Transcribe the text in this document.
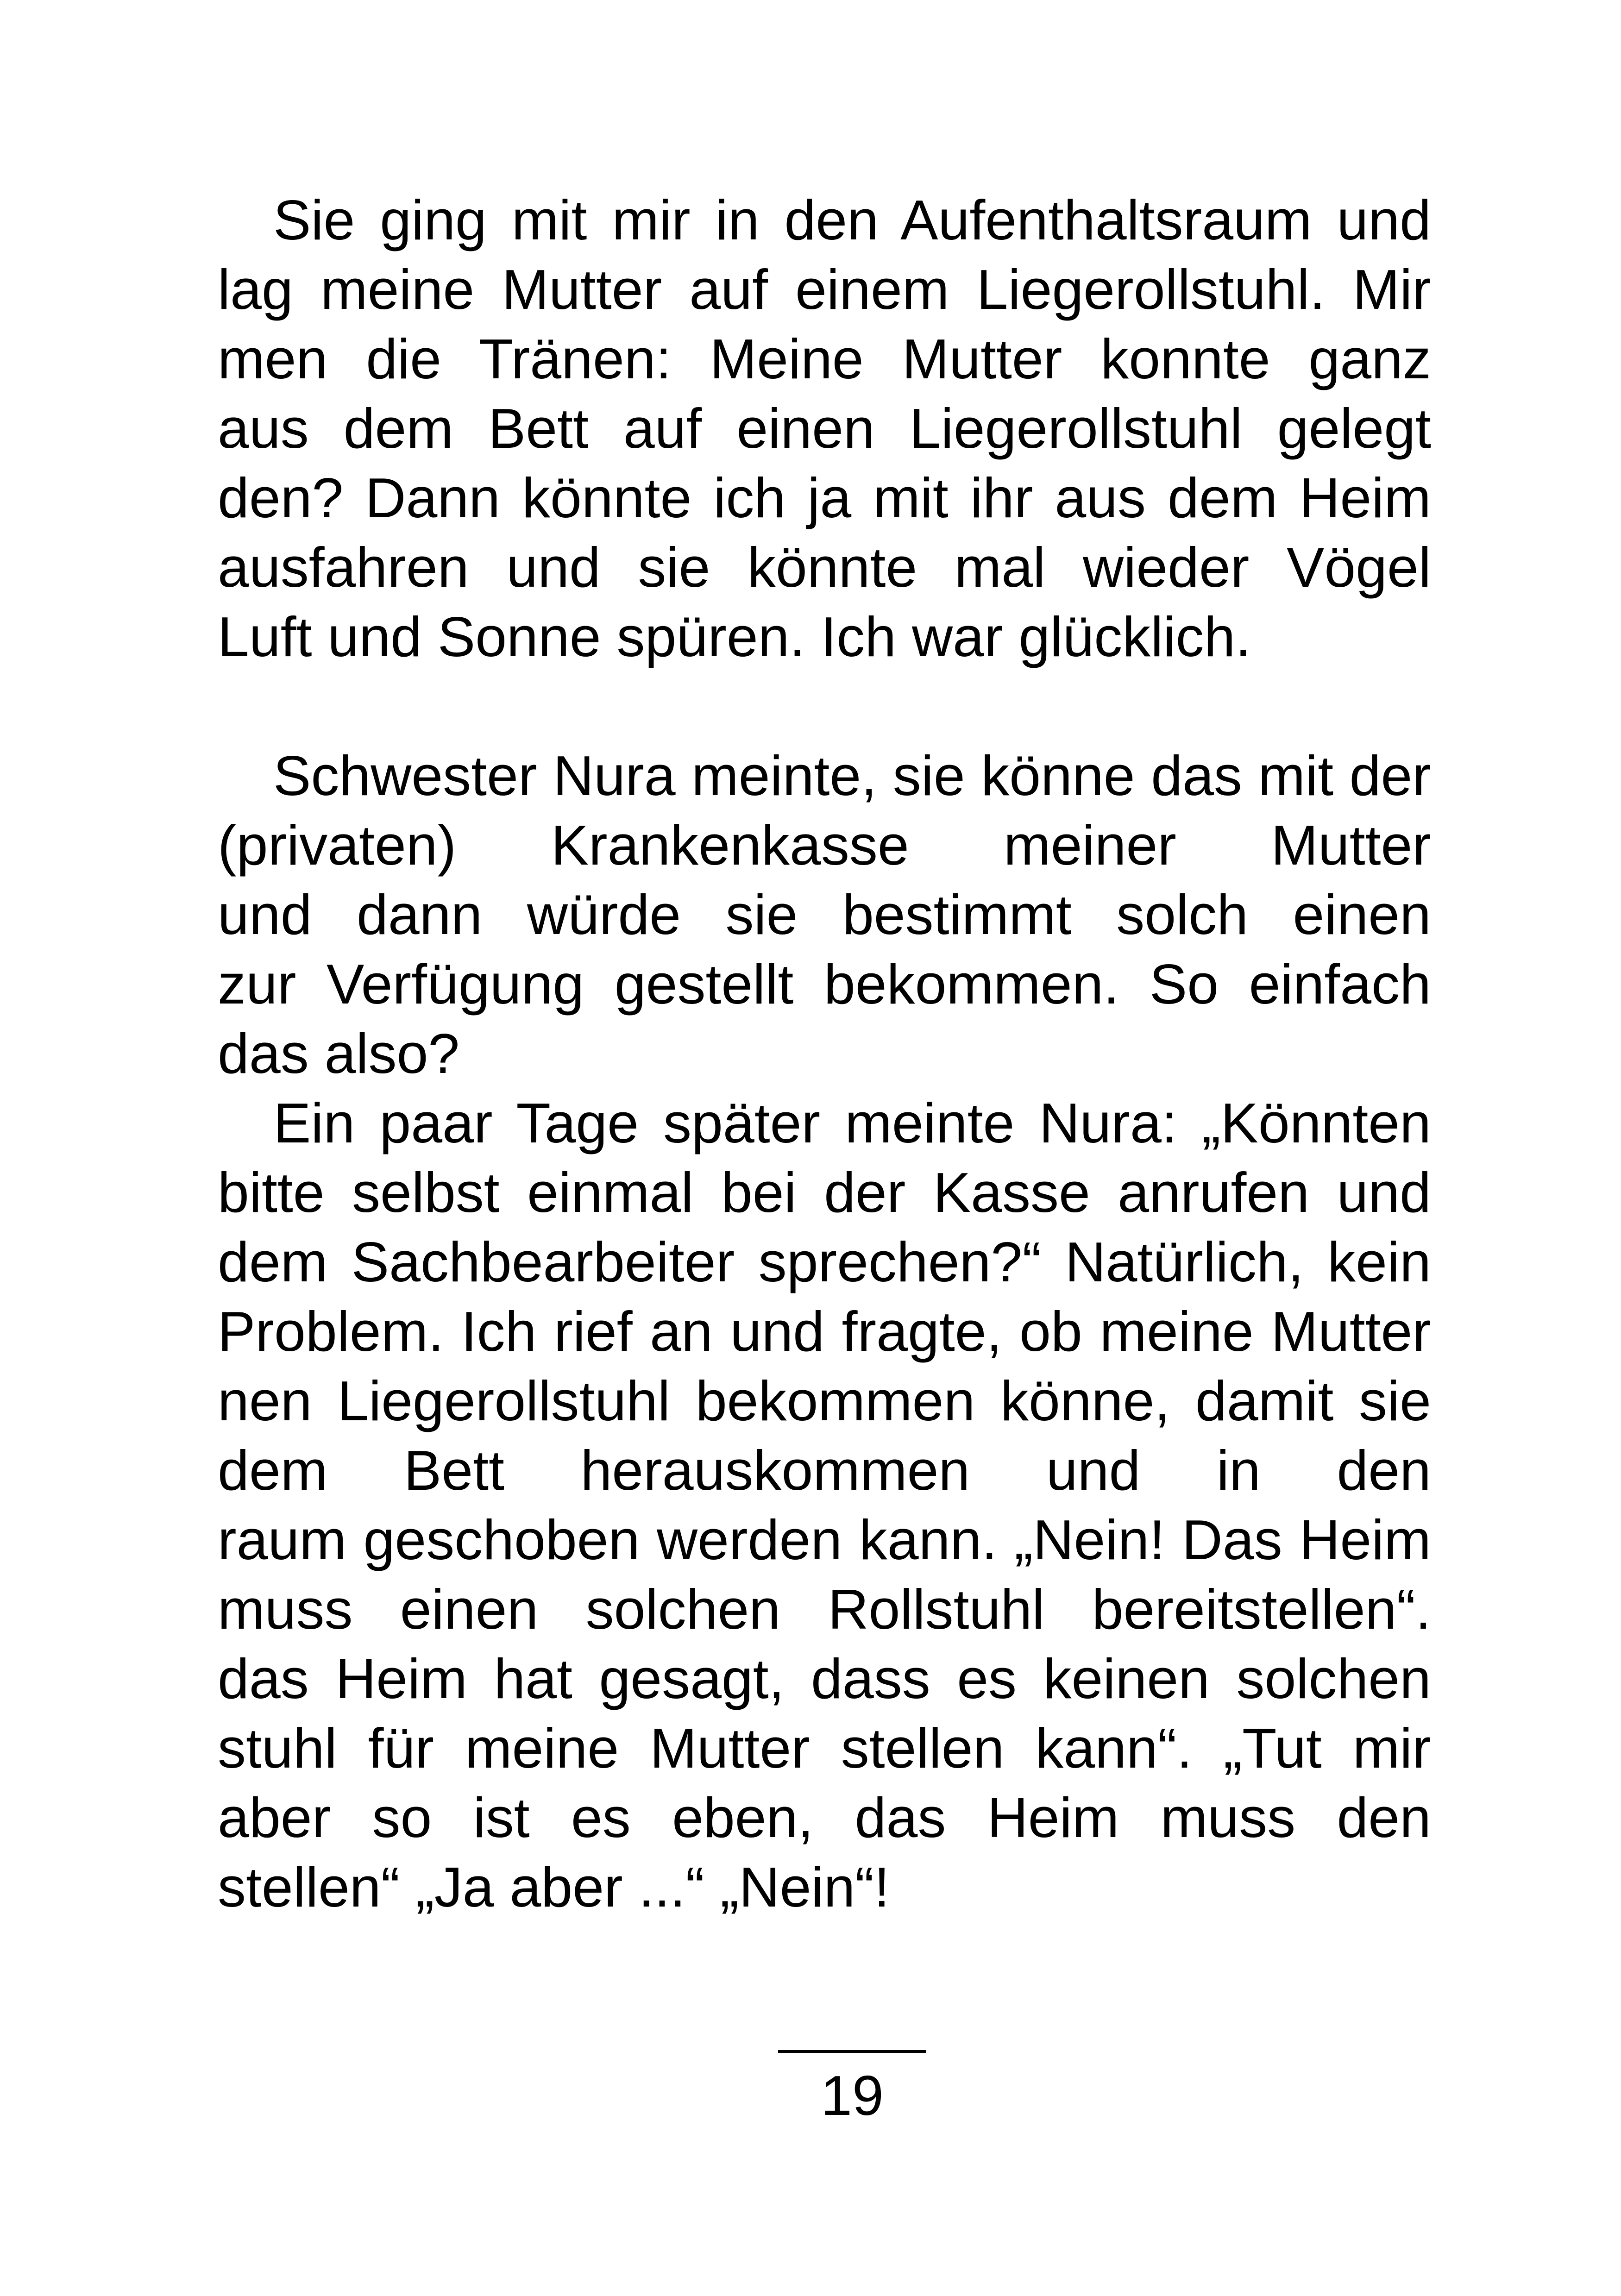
Sie ging mit mir in den Aufenthaltsraum und
lag meine Mutter auf einem Liegerollstuhl. Mir
men die Tränen: Meine Mutter konnte ganz
aus dem Bett auf einen Liegerollstuhl gelegt
den? Dann könnte ich ja mit ihr aus dem Heim
ausfahren und sie könnte mal wieder Vögel
Luft und Sonne spüren. Ich war glücklich.
Schwester Nura meinte, sie könne das mit der
(privaten) Krankenkasse meiner Mutter
und dann würde sie bestimmt solch einen
zur Verfügung gestellt bekommen. So einfach
das also?
Ein paar Tage später meinte Nura: „Könnten
bitte selbst einmal bei der Kasse anrufen und
dem Sachbearbeiter sprechen?“ Natürlich, kein
Problem. Ich rief an und fragte, ob meine Mutter
nen Liegerollstuhl bekommen könne, damit sie
dem Bett herauskommen und in den
raum geschoben werden kann. „Nein! Das Heim
muss einen solchen Rollstuhl bereitstellen“.
das Heim hat gesagt, dass es keinen solchen
stuhl für meine Mutter stellen kann“. „Tut mir
aber so ist es eben, das Heim muss den
stellen“ „Ja aber ...“ „Nein“!
19
